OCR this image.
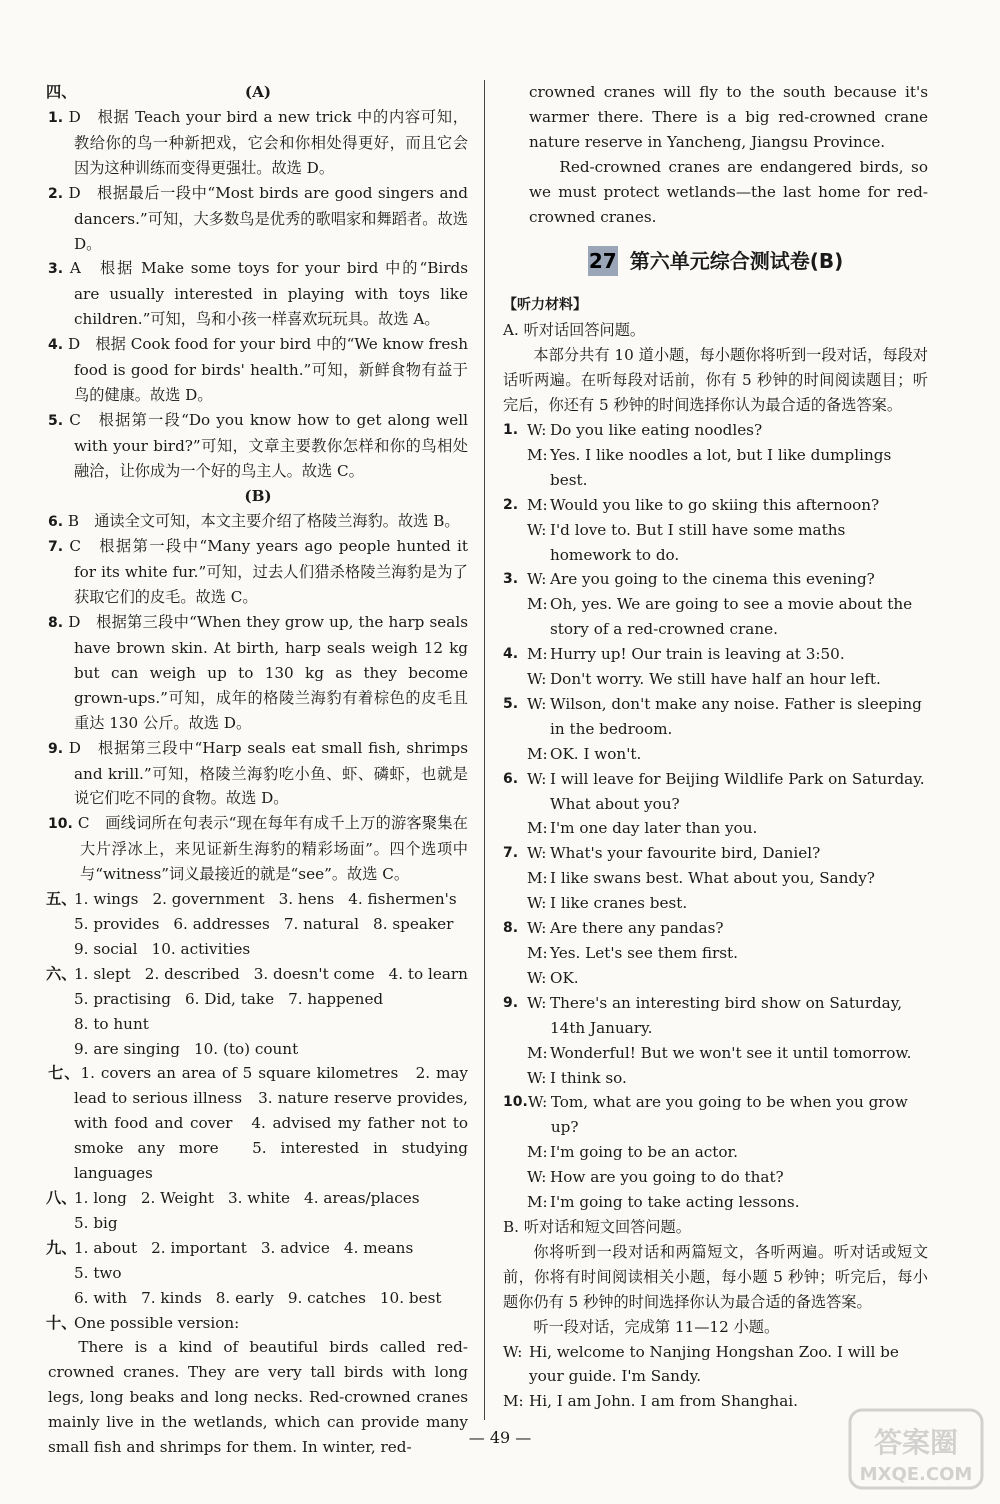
四、	(A)

1. D　根据 Teach your bird a new trick 中的内容可知，教给你的鸟一种新把戏，它会和你相处得更好，而且它会因为这种训练而变得更强壮。故选 D。

2. D　根据最后一段中“Most birds are good singers and dancers.”可知，大多数鸟是优秀的歌唱家和舞蹈者。故选 D。

3. A　根据 Make some toys for your bird 中的“Birds are usually interested in playing with toys like children.”可知，鸟和小孩一样喜欢玩玩具。故选 A。

4. D　根据 Cook food for your bird 中的“We know fresh food is good for birds' health.”可知，新鲜食物有益于鸟的健康。故选 D。

5. C　根据第一段“Do you know how to get along well with your bird?”可知，文章主要教你怎样和你的鸟相处融洽，让你成为一个好的鸟主人。故选 C。

(B)

6. B　通读全文可知，本文主要介绍了格陵兰海豹。故选 B。

7. C　根据第一段中“Many years ago people hunted it for its white fur.”可知，过去人们猎杀格陵兰海豹是为了获取它们的皮毛。故选 C。

8. D　根据第三段中“When they grow up, the harp seals have brown skin. At birth, harp seals weigh 12 kg but can weigh up to 130 kg as they become grown-ups.”可知，成年的格陵兰海豹有着棕色的皮毛且重达 130 公斤。故选 D。

9. D　根据第三段中“Harp seals eat small fish, shrimps and krill.”可知，格陵兰海豹吃小鱼、虾、磷虾，也就是说它们吃不同的食物。故选 D。

10. C　画线词所在句表示“现在每年有成千上万的游客聚集在大片浮冰上，来见证新生海豹的精彩场面”。四个选项中与“witness”词义最接近的就是“see”。故选 C。

五、
1. wings 2. government 3. hens 4. fishermen's
5. provides 6. addresses 7. natural 8. speaker
9. social 10. activities
六、
1. slept 2. described 3. doesn't come 4. to learn
5. practising 6. Did, take 7. happened
8. to hunt
9. are singing 10. (to) count

七、1. covers an area of 5 square kilometres　2. may lead to serious illness　3. nature reserve provides, with food and cover　4. advised my father not to smoke any more　5. interested in studying languages

八、
1. long 2. Weight 3. white 4. areas/places
5. big
九、
1. about 2. important 3. advice 4. means
5. two
6. with 7. kinds 8. early 9. catches 10. best
十、
One possible version:

There is a kind of beautiful birds called red-crowned cranes. They are very tall birds with long legs, long beaks and long necks. Red-crowned cranes mainly live in the wetlands, which can provide many small fish and shrimps for them. In winter, red-

crowned cranes will fly to the south because it's warmer there. There is a big red-crowned crane nature reserve in Yancheng, Jiangsu Province.

Red-crowned cranes are endangered birds, so we must protect wetlands—the last home for red-crowned cranes.

27 第六单元综合测试卷(B)
【听力材料】
A. 听对话回答问题。

本部分共有 10 道小题，每小题你将听到一段对话，每段对话听两遍。在听每段对话前，你有 5 秒钟的时间阅读题目；听完后，你还有 5 秒钟的时间选择你认为最合适的备选答案。

1. W: Do you like eating noodles?
M: Yes. I like noodles a lot, but I like dumplings best.
2. M: Would you like to go skiing this afternoon?
W: I'd love to. But I still have some maths homework to do.
3. W: Are you going to the cinema this evening?
M: Oh, yes. We are going to see a movie about the story of a red-crowned crane.
4. M: Hurry up! Our train is leaving at 3:50.
W: Don't worry. We still have half an hour left.
5. W: Wilson, don't make any noise. Father is sleeping in the bedroom.
M: OK. I won't.
6. W: I will leave for Beijing Wildlife Park on Saturday. What about you?
M: I'm one day later than you.
7. W: What's your favourite bird, Daniel?
M: I like swans best. What about you, Sandy?
W: I like cranes best.
8. W: Are there any pandas?
M: Yes. Let's see them first.
W: OK.
9. W: There's an interesting bird show on Saturday, 14th January.
M: Wonderful! But we won't see it until tomorrow.
W: I think so.
10. W: Tom, what are you going to be when you grow up?
M: I'm going to be an actor.
W: How are you going to do that?
M: I'm going to take acting lessons.
B. 听对话和短文回答问题。

你将听到一段对话和两篇短文，各听两遍。听对话或短文前，你将有时间阅读相关小题，每小题 5 秒钟；听完后，每小题你仍有 5 秒钟的时间选择你认为最合适的备选答案。

听一段对话，完成第 11—12 小题。

W: Hi, welcome to Nanjing Hongshan Zoo. I will be your guide. I'm Sandy.
M: Hi, I am John. I am from Shanghai.
— 49 —	答案圈
MXQE.COM
